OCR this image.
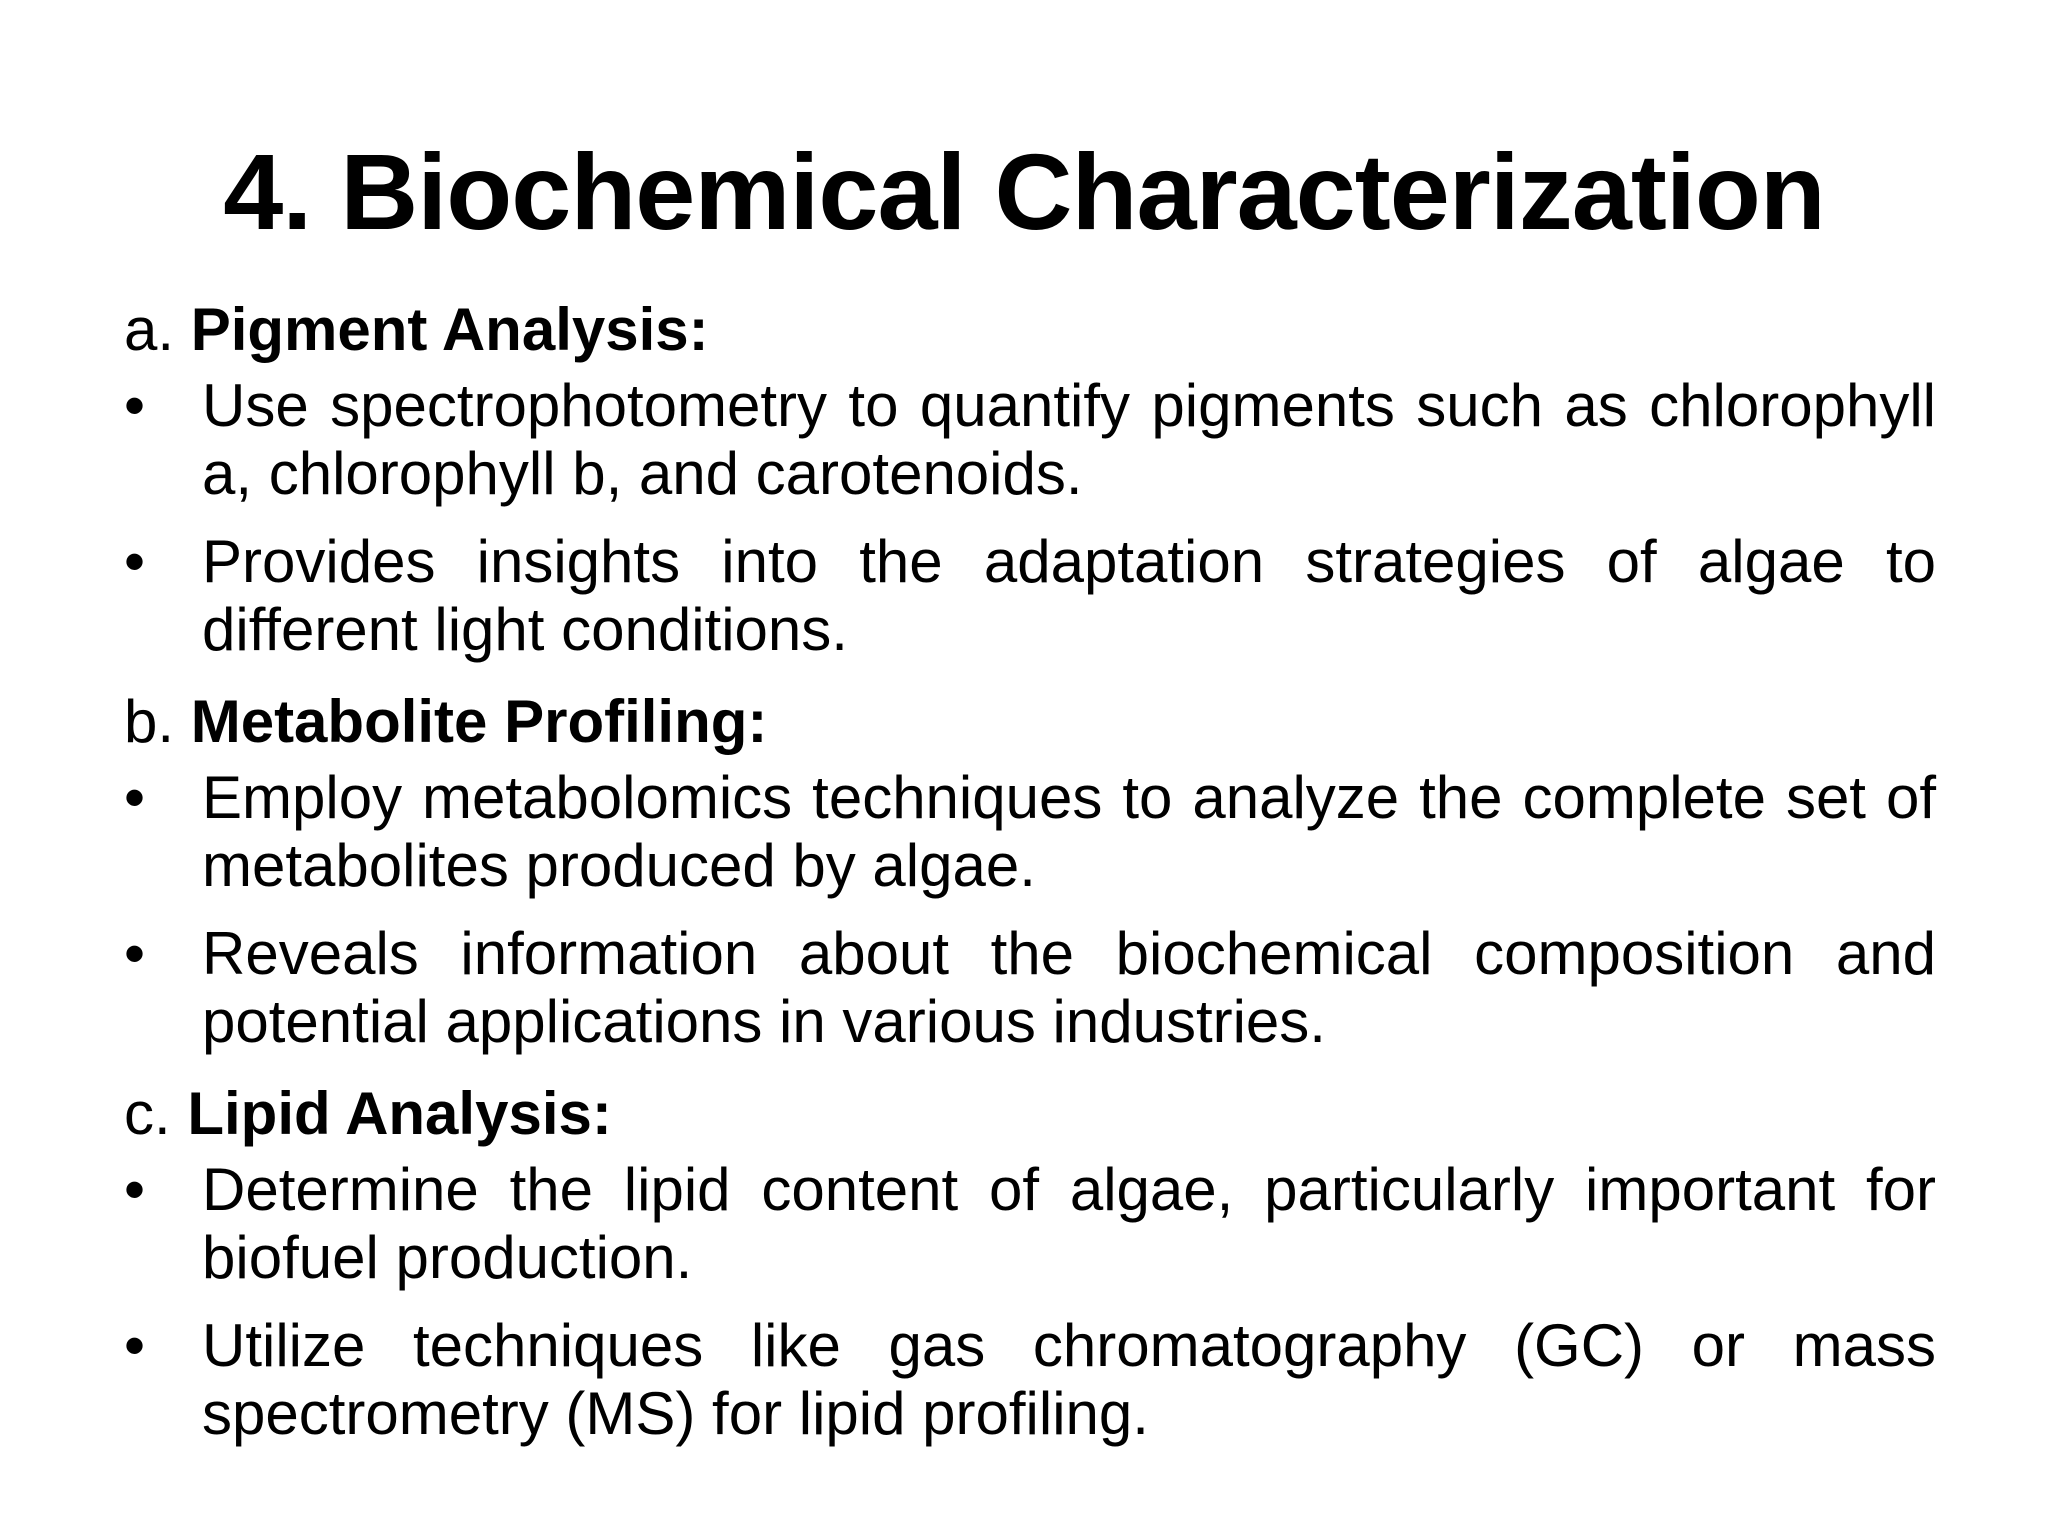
4. Biochemical Characterization
a. Pigment Analysis:
• Use spectrophotometry to quantify pigments such as chlorophyll a, chlorophyll b, and carotenoids.
• Provides insights into the adaptation strategies of algae to different light conditions.
b. Metabolite Profiling:
• Employ metabolomics techniques to analyze the complete set of metabolites produced by algae.
• Reveals information about the biochemical composition and potential applications in various industries.
c. Lipid Analysis:
• Determine the lipid content of algae, particularly important for biofuel production.
• Utilize techniques like gas chromatography (GC) or mass spectrometry (MS) for lipid profiling.
